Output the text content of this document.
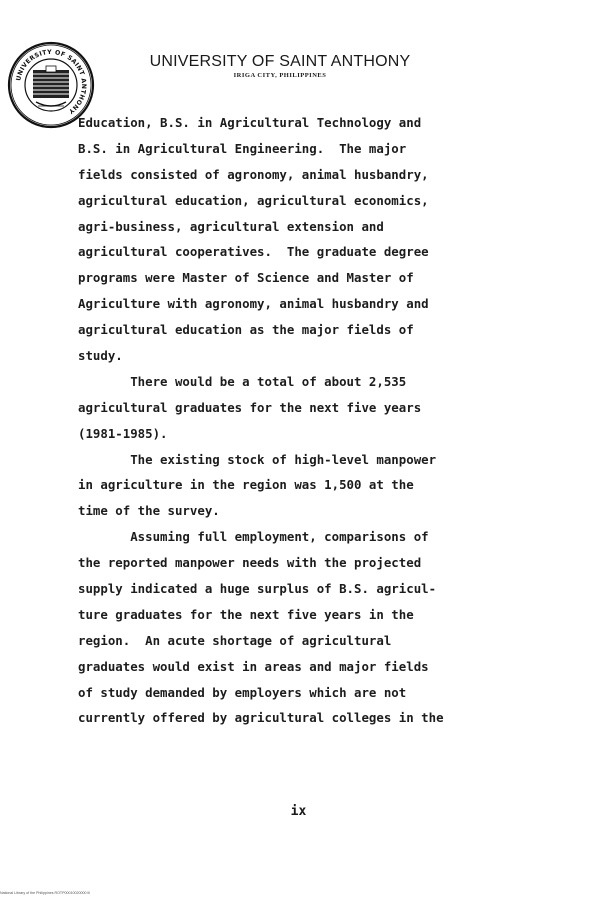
UNIVERSITY OF SAINT ANTHONY
UNIVERSITY OF SAINT ANTHONY
IRIGA CITY, PHILIPPINES
Education, B.S. in Agricultural Technology and
B.S. in Agricultural Engineering.  The major
fields consisted of agronomy, animal husbandry,
agricultural education, agricultural economics,
agri-business, agricultural extension and
agricultural cooperatives.  The graduate degree
programs were Master of Science and Master of
Agriculture with agronomy, animal husbandry and
agricultural education as the major fields of
study.
There would be a total of about 2,535
agricultural graduates for the next five years
(1981-1985).
The existing stock of high-level manpower
in agriculture in the region was 1,500 at the
time of the survey.
Assuming full employment, comparisons of
the reported manpower needs with the projected
supply indicated a huge surplus of B.S. agricul-
ture graduates for the next five years in the
region.  An acute shortage of agricultural
graduates would exist in areas and major fields
of study demanded by employers which are not
currently offered by agricultural colleges in the
ix
National Library of the Philippines ROTP00010020000 lll
